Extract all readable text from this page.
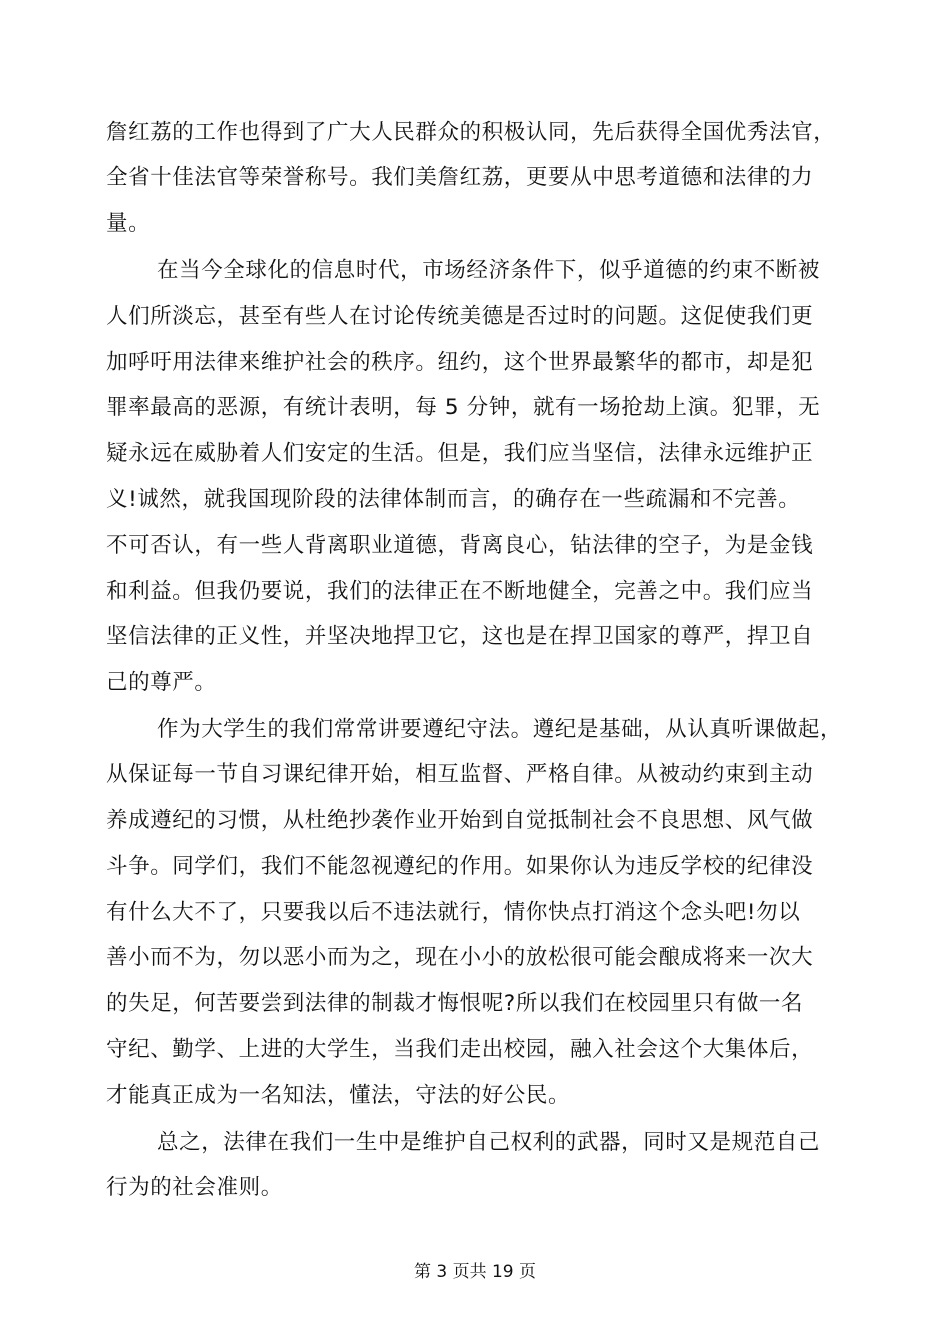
詹红荔的工作也得到了广大人民群众的积极认同，先后获得全国优秀法官，
全省十佳法官等荣誉称号。我们美詹红荔，更要从中思考道德和法律的力
量。
在当今全球化的信息时代，市场经济条件下，似乎道德的约束不断被
人们所淡忘，甚至有些人在讨论传统美德是否过时的问题。这促使我们更
加呼吁用法律来维护社会的秩序。纽约，这个世界最繁华的都市，却是犯
罪率最高的恶源，有统计表明，每 5 分钟，就有一场抢劫上演。犯罪，无
疑永远在威胁着人们安定的生活。但是，我们应当坚信，法律永远维护正
义!诚然，就我国现阶段的法律体制而言，的确存在一些疏漏和不完善。
不可否认，有一些人背离职业道德，背离良心，钻法律的空子，为是金钱
和利益。但我仍要说，我们的法律正在不断地健全，完善之中。我们应当
坚信法律的正义性，并坚决地捍卫它，这也是在捍卫国家的尊严，捍卫自
己的尊严。
作为大学生的我们常常讲要遵纪守法。遵纪是基础，从认真听课做起，
从保证每一节自习课纪律开始，相互监督、严格自律。从被动约束到主动
养成遵纪的习惯，从杜绝抄袭作业开始到自觉抵制社会不良思想、风气做
斗争。同学们，我们不能忽视遵纪的作用。如果你认为违反学校的纪律没
有什么大不了，只要我以后不违法就行，情你快点打消这个念头吧!勿以
善小而不为，勿以恶小而为之，现在小小的放松很可能会酿成将来一次大
的失足，何苦要尝到法律的制裁才悔恨呢?所以我们在校园里只有做一名
守纪、勤学、上进的大学生，当我们走出校园，融入社会这个大集体后，
才能真正成为一名知法，懂法，守法的好公民。
总之，法律在我们一生中是维护自己权利的武器，同时又是规范自己
行为的社会准则。
第 3 页共 19 页
